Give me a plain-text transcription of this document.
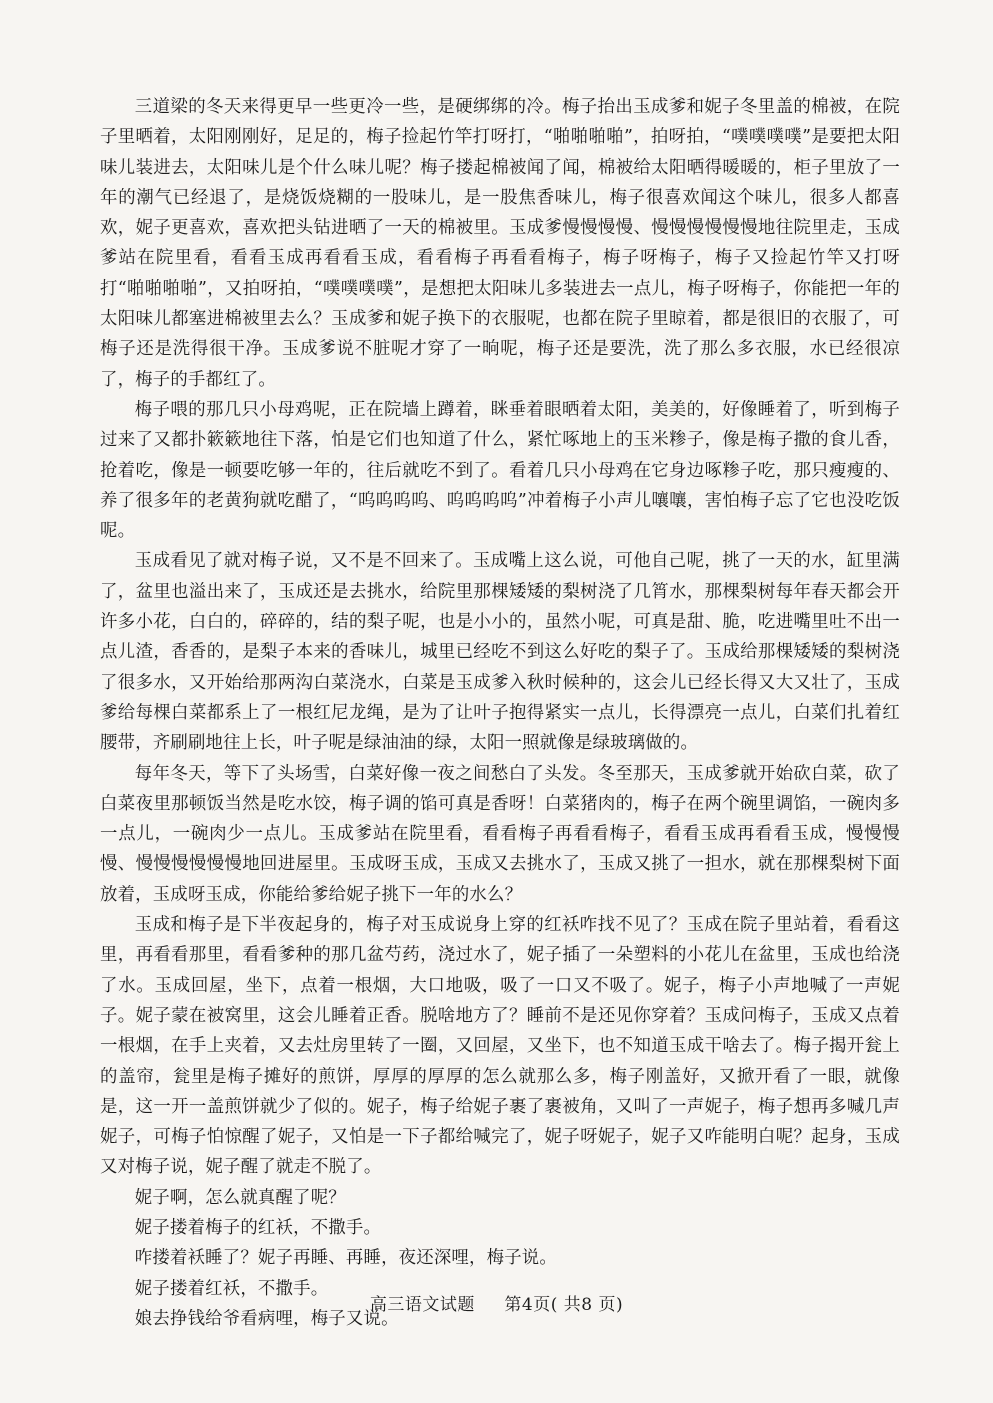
三道梁的冬天来得更早一些更冷一些，是硬绑绑的冷。梅子抬出玉成爹和妮子冬里盖的棉被，在院子里晒着，太阳刚刚好，足足的，梅子捡起竹竿打呀打，“啪啪啪啪”，拍呀拍，“噗噗噗噗”是要把太阳味儿装进去，太阳味儿是个什么味儿呢？梅子搂起棉被闻了闻，棉被给太阳晒得暖暖的，柜子里放了一年的潮气已经退了，是烧饭烧糊的一股味儿，是一股焦香味儿，梅子很喜欢闻这个味儿，很多人都喜欢，妮子更喜欢，喜欢把头钻进晒了一天的棉被里。玉成爹慢慢慢慢、慢慢慢慢慢慢地往院里走，玉成爹站在院里看，看看玉成再看看玉成，看看梅子再看看梅子，梅子呀梅子，梅子又捡起竹竿又打呀打“啪啪啪啪”，又拍呀拍，“噗噗噗噗”，是想把太阳味儿多装进去一点儿，梅子呀梅子，你能把一年的太阳味儿都塞进棉被里去么？玉成爹和妮子换下的衣服呢，也都在院子里晾着，都是很旧的衣服了，可梅子还是洗得很干净。玉成爹说不脏呢才穿了一晌呢，梅子还是要洗，洗了那么多衣服，水已经很凉了，梅子的手都红了。

梅子喂的那几只小母鸡呢，正在院墙上蹲着，眯垂着眼晒着太阳，美美的，好像睡着了，听到梅子过来了又都扑簌簌地往下落，怕是它们也知道了什么，紧忙啄地上的玉米糁子，像是梅子撒的食儿香，抢着吃，像是一顿要吃够一年的，往后就吃不到了。看着几只小母鸡在它身边啄糁子吃，那只瘦瘦的、养了很多年的老黄狗就吃醋了，“呜呜呜呜、呜呜呜呜”冲着梅子小声儿嚷嚷，害怕梅子忘了它也没吃饭呢。

玉成看见了就对梅子说，又不是不回来了。玉成嘴上这么说，可他自己呢，挑了一天的水，缸里满了，盆里也溢出来了，玉成还是去挑水，给院里那棵矮矮的梨树浇了几筲水，那棵梨树每年春天都会开许多小花，白白的，碎碎的，结的梨子呢，也是小小的，虽然小呢，可真是甜、脆，吃进嘴里吐不出一点儿渣，香香的，是梨子本来的香味儿，城里已经吃不到这么好吃的梨子了。玉成给那棵矮矮的梨树浇了很多水，又开始给那两沟白菜浇水，白菜是玉成爹入秋时候种的，这会儿已经长得又大又壮了，玉成爹给每棵白菜都系上了一根红尼龙绳，是为了让叶子抱得紧实一点儿，长得漂亮一点儿，白菜们扎着红腰带，齐刷刷地往上长，叶子呢是绿油油的绿，太阳一照就像是绿玻璃做的。

每年冬天，等下了头场雪，白菜好像一夜之间愁白了头发。冬至那天，玉成爹就开始砍白菜，砍了白菜夜里那顿饭当然是吃水饺，梅子调的馅可真是香呀！白菜猪肉的，梅子在两个碗里调馅，一碗肉多一点儿，一碗肉少一点儿。玉成爹站在院里看，看看梅子再看看梅子，看看玉成再看看玉成，慢慢慢慢、慢慢慢慢慢慢地回进屋里。玉成呀玉成，玉成又去挑水了，玉成又挑了一担水，就在那棵梨树下面放着，玉成呀玉成，你能给爹给妮子挑下一年的水么？

玉成和梅子是下半夜起身的，梅子对玉成说身上穿的红袄咋找不见了？玉成在院子里站着，看看这里，再看看那里，看看爹种的那几盆芍药，浇过水了，妮子插了一朵塑料的小花儿在盆里，玉成也给浇了水。玉成回屋，坐下，点着一根烟，大口地吸，吸了一口又不吸了。妮子，梅子小声地喊了一声妮子。妮子蒙在被窝里，这会儿睡着正香。脱啥地方了？睡前不是还见你穿着？玉成问梅子，玉成又点着一根烟，在手上夹着，又去灶房里转了一圈，又回屋，又坐下，也不知道玉成干啥去了。梅子揭开瓮上的盖帘，瓮里是梅子摊好的煎饼，厚厚的厚厚的怎么就那么多，梅子刚盖好，又掀开看了一眼，就像是，这一开一盖煎饼就少了似的。妮子，梅子给妮子裹了裹被角，又叫了一声妮子，梅子想再多喊几声妮子，可梅子怕惊醒了妮子，又怕是一下子都给喊完了，妮子呀妮子，妮子又咋能明白呢？起身，玉成又对梅子说，妮子醒了就走不脱了。

妮子啊，怎么就真醒了呢？

妮子搂着梅子的红袄，不撒手。

咋搂着袄睡了？妮子再睡、再睡，夜还深哩，梅子说。

妮子搂着红袄，不撒手。

娘去挣钱给爷看病哩，梅子又说。

高三语文试题 第4页( 共8 页)
